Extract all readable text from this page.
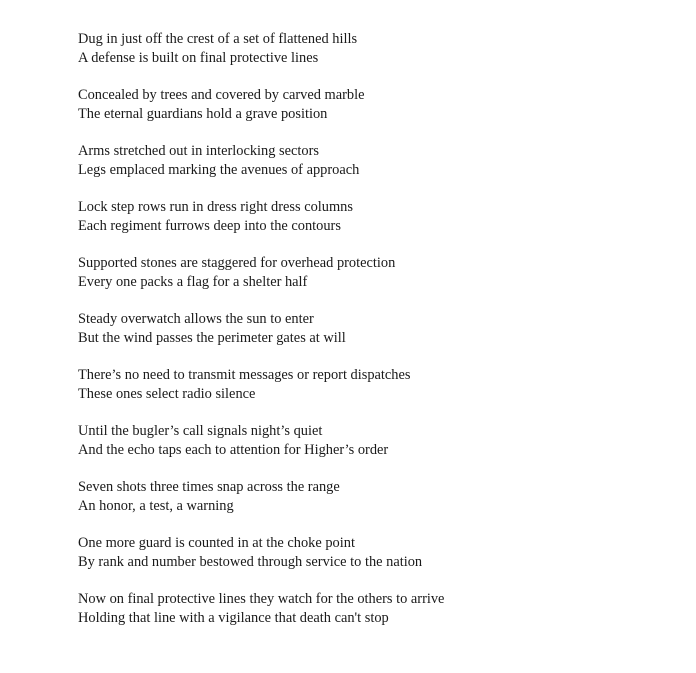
Dug in just off the crest of a set of flattened hills
A defense is built on final protective lines
Concealed by trees and covered by carved marble
The eternal guardians hold a grave position
Arms stretched out in interlocking sectors
Legs emplaced marking the avenues of approach
Lock step rows run in dress right dress columns
Each regiment furrows deep into the contours
Supported stones are staggered for overhead protection
Every one packs a flag for a shelter half
Steady overwatch allows the sun to enter
But the wind passes the perimeter gates at will
There’s no need to transmit messages or report dispatches
These ones select radio silence
Until the bugler’s call signals night’s quiet
And the echo taps each to attention for Higher’s order
Seven shots three times snap across the range
An honor, a test, a warning
One more guard is counted in at the choke point
By rank and number bestowed through service to the nation
Now on final protective lines they watch for the others to arrive
Holding that line with a vigilance that death can't stop
